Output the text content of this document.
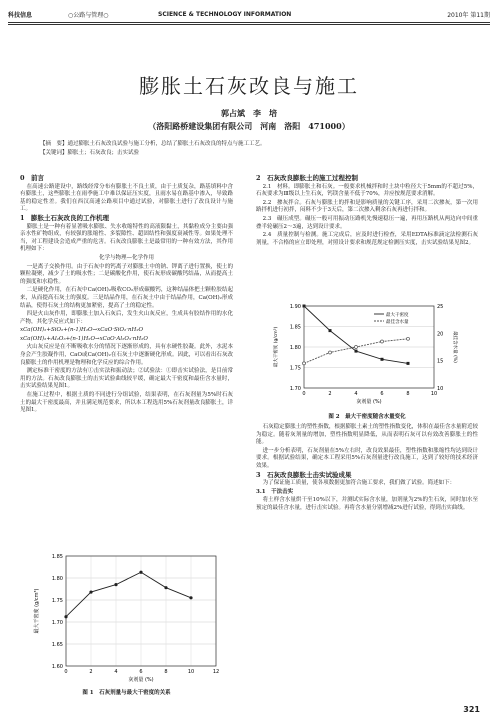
科技信息	○公路与管理○	SCIENCE & TECHNOLOGY INFORMATION	2010年 第11期
膨胀土石灰改良与施工
郭占斌　李　培
（洛阳路桥建设集团有限公司　河南　洛阳　471000）
【摘　要】通过膨胀土石灰改良试验与施工分析，总结了膨胀土石灰改良的特点与施工工艺。
【关键词】膨胀土；石灰改良；击实试验

0　前言

在高速公路建设中，路线经常分布有膨胀土不良土质，由于土质复杂，路基填料中含有膨胀土，这些膨胀土在雨季施工中难以保证压实度，且雨水易在路基中渗入，导致路基的稳定性差。我们在西汉高速公路项目中通过试验，对膨胀土进行了改良设计与施工。

1　膨胀土石灰改良的工作机理

膨胀土是一种有着显著吸水膨胀、失水收缩特性的高液限黏土，其黏粒成分主要由强亲水性矿物组成，有较强的胀缩性、多裂隙性、超固结性和强度衰减性等。如果处理不当，对工程建设会造成严重的危害。石灰改良膨胀土是最常用的一种有效方法，其作用机理如下：

化学与物理—化学作用

一是离子交换作用。由于石灰中的钙离子对膨胀土中的钠、钾离子进行置换，使土的颗粒凝聚，减少了土的吸水性；二是碳酸化作用，使石灰形成碳酸钙结晶，从而提高土的强度和水稳性。

二是硬化作用，在石灰中Ca(OH)₂吸收CO₂形成碳酸钙，这种结晶体把土颗粒胶结起来，从而提高石灰土的强度。三是结晶作用，在石灰土中由于结晶作用，Ca(OH)₂形成结晶，使得石灰土的结构更加紧密，提高了土的稳定性。

四是火山灰作用，即膨胀土加入石灰后，发生火山灰反应，生成具有胶结作用的水化产物，其化学反应式如下：

xCa(OH)₂+SiO₂+(n-1)H₂O→xCaO·SiO₂·nH₂O

xCa(OH)₂+Al₂O₃+(n-1)H₂O→xCaO·Al₂O₃·nH₂O

火山灰反应是在不断吸收水分的情况下逐渐形成的，具有水硬性胶凝。此外，水泥本身会产生胶凝作用，CaO或Ca(OH)₂在石灰土中逐渐硬化形成。因此，可以看出石灰改良膨胀土的作用机理是物理和化学反应的综合作用。

测定标准干密度的方法有①击实法和振动法；②试验法：①即击实试验法，是目前常用的方法。石灰改良膨胀土的击实试验曲线较平缓，确定最大干密度和最佳含水量时，击实试验结果见图1。

在施工过程中，根据土质的不同进行分组试验，结果表明，在石灰剂量为5%时石灰土的最大干密度最高，并且满足规范要求，所以本工程选用5%石灰剂量改良膨胀土，详见图1。

1.60
1.65
1.70
1.75
1.80
1.85
0	2	4	6	8	10	12
灰剂量 (%)
最大干密度 (g/cm³)
图 1　石灰剂量与最大干密度的关系

2　石灰改良膨胀土的施工过程控制

2.1　材料。即膨胀土和石灰。一般要求机械拌和时土块中粒径大于5mm的不超过5%，石灰要求为Ⅲ级以上生石灰，钙镁含量不低于70%，并应按规范要求消解。

2.2　掺灰拌合。石灰与膨胀土的拌和是影响质量的关键工序，采用二次掺灰，第一次用路拌机进行初拌，闷料不少于3天后，第二次掺入剩余石灰再进行拌和。

2.3　碾压成型。碾压一般可用振动压路机先慢速稳压一遍，再用压路机从两边向中间重叠半轮碾压2～3遍，达到设计要求。

2.4　质量控制与检测。施工完成后，应及时进行检查，采用EDTA标准滴定法检测石灰剂量，不合格的应立即处理，对照设计要求和规范规定检测压实度，击实试验结果见图2。

1.70
1.75
1.80
1.85
1.90
10
15
20
25
0	2	4	6	8	10
最大干密度
最佳含水量
灰剂量 (%)
最大干密度 (g/cm³)	最佳含水量 (%)
图 2　最大干密度随含水量变化

石灰稳定膨胀土的塑性指数，根据膨胀土素土的塑性指数变化，体积在最佳含水量附近较为稳定。随着灰剂量的增加，塑性指数明显降低，从而表明石灰可以有效改善膨胀土的性能。

进一步分析表明，石灰剂量在5%左右时，改良效果最佳，塑性指数和胀缩性均达到设计要求。根据试验结果，确定本工程采用5%石灰剂量进行改良施工，达到了较好的技术经济效果。

3　石灰改良膨胀土击实试验成果

为了保证施工质量，使各项数据更加符合施工要求，我们做了试验。简述如下：

3.1　干法击实

将土样含水量烘干至10%以下，并测试实际含水量，加剂量为2%的生石灰，同时加水至预定的最佳含水量，进行击实试验。再将含水量分别增减2%进行试验，得到击实曲线。

321
